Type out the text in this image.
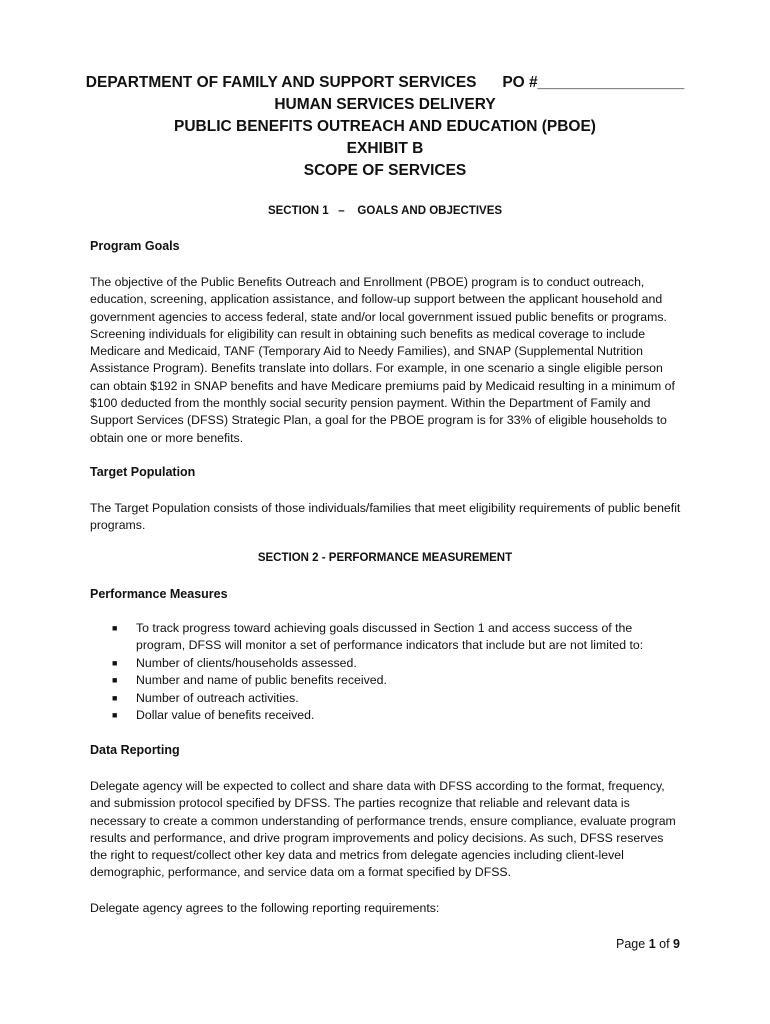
DEPARTMENT OF FAMILY AND SUPPORT SERVICES PO #_________________
HUMAN SERVICES DELIVERY
PUBLIC BENEFITS OUTREACH AND EDUCATION (PBOE)
EXHIBIT B
SCOPE OF SERVICES
SECTION 1   –    GOALS AND OBJECTIVES
Program Goals

The objective of the Public Benefits Outreach and Enrollment (PBOE) program is to conduct outreach, education, screening, application assistance, and follow-up support between the applicant household and government agencies to access federal, state and/or local government issued public benefits or programs. Screening individuals for eligibility can result in obtaining such benefits as medical coverage to include Medicare and Medicaid, TANF (Temporary Aid to Needy Families), and SNAP (Supplemental Nutrition Assistance Program). Benefits translate into dollars. For example, in one scenario a single eligible person can obtain $192 in SNAP benefits and have Medicare premiums paid by Medicaid resulting in a minimum of $100 deducted from the monthly social security pension payment. Within the Department of Family and Support Services (DFSS) Strategic Plan, a goal for the PBOE program is for 33% of eligible households to obtain one or more benefits.

Target Population

The Target Population consists of those individuals/families that meet eligibility requirements of public benefit programs.

SECTION 2 - PERFORMANCE MEASUREMENT
Performance Measures
■ To track progress toward achieving goals discussed in Section 1 and access success of the program, DFSS will monitor a set of performance indicators that include but are not limited to:
■ Number of clients/households assessed.
■ Number and name of public benefits received.
■ Number of outreach activities.
■ Dollar value of benefits received.
Data Reporting

Delegate agency will be expected to collect and share data with DFSS according to the format, frequency, and submission protocol specified by DFSS. The parties recognize that reliable and relevant data is necessary to create a common understanding of performance trends, ensure compliance, evaluate program results and performance, and drive program improvements and policy decisions. As such, DFSS reserves the right to request/collect other key data and metrics from delegate agencies including client-level demographic, performance, and service data om a format specified by DFSS.

Delegate agency agrees to the following reporting requirements:

Page 1 of 9
